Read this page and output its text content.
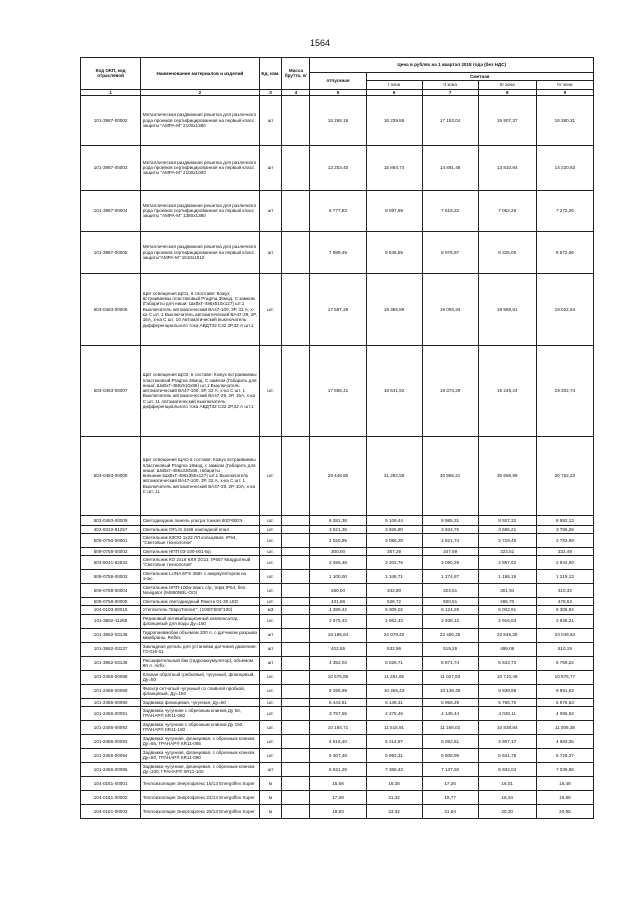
1564
Код ОКП, код отраслевой	Наименование материалов и изделий	Ед. изм.	Масса брутто, кг	Цена в рублях на 1 квартал 2018 года (без НДС)				
				отпускная	Сметная			
					I зона	II зона	III зона	IV зона
1	2	3	4	5	6	7	8	9
101-3987-00002	Металлическая раздвижная решетка для различного рода проемов сертифицированная на первый класс защиты "АМРА-М" 2100х1380	шт		15 268,19	16 239,55	17 153,04	15 907,37	16 380,31
101-3987-00003	Металлическая раздвижная решетка для различного рода проемов сертифицированная на первый класс защиты "АМРА-М" 2100х1000	шт		13 253,40	15 884,74	14 891,48	13 810,84	14 220,63
101-3987-00004	Металлическая раздвижная решетка для различного рода проемов сертифицированная на первый класс защиты "АМРА-М" 1380х1380	шт		6 777,83	8 097,69	7 615,32	7 062,29	7 272,26
101-3987-00005	Металлическая раздвижная решетка для различного рода проемов сертифицированная на первый класс защиты"АМРА-М" 1510х1510	шт		7 989,49	9 545,59	8 976,97	8 325,05	8 572,56
503-0463-00006	Щит освещения ЩО1, в сполтаве: Кожух встраиваемы пластиковый Pragma 36мод. С замком (Габариты для ниши: ШхВхГ-486х510х127) шт.1 Выключатель автоматический ВА47-100, 3Р, 32 А, х-ка С шт. 1 Выключатель автоматический ВА47-29, 2Р, 16А, х-ка С шт. 10 Автоматический выключатель дифференциального тока АВДТ32 С32 2Р,32 А шт.1	шт.		17 597,29	19 356,89	19 093,34	18 969,81	19 022,64
503-0463-00007	Щит освещения ЩО2, в составе: Кожух встраиваемы пластиковый Pragma 36мод. С замком (Габарить для ниши: ШхВхГ-486х510х86) шт.1 Выключатель автоматический ВА47-100, 3Р, 32 А, х-ка С шт. 1 Выключатель автоматический ВА47-29, 2Р, 16А, х-ка С шт. 11 Автоматический выключатель дифференциального тока АВДТ32 С32 2Р,32 А шт.1	шт.		17 856,41	19 641,92	19 374,29	19 249,24	19 302,74
503-0463-00008	Щит освещения ЩАО в составе: Кожух встраиваемы пластиковый Pragma 18мод. с замком (Габарить для ниши: ШхВхГ-486х330х86, габариты внешние:ШхВхГ-486х350х127) шт.1 Выключатель автоматический ВА47-100, 3Р, 32 А, х-ка С шт. 1 Выключатель автоматический ВА47-29, 2Р, 10А, х-ка С шт. 11	шт.		28 448,80	31 292,59	30 866,21	30 666,99	30 752,23
503-0463-00009	Светодиодная панель ультра тонкая 600*600Э	шт.		8 281,38	9 109,44	8 985,31	8 927,32	8 952,13
402-8310-81257	Светильник OFL/S 2х58 накладной опал	шт.		3 521,36	3 926,80	3 934,76	3 665,21	3 766,28
509-0750-00001	Светильник КЗОО 1х22 ЛЛ кольцевая, IP54, "Световые технологии"	шт.		2 520,95	3 086,28	2 821,74	2 718,49	2 793,99
509-0758-00002	Светильник НПП 03-100-001-Бр	шт.		300,00	367,29	347,69	323,51	332,49
503-8041-82532	Светильник КО 2х18 КЛЛ 2G11, IP657 Квадратный "Световые технологии"	шт.		2 455,48	3 202,76	3 090,29	2 857,62	2 944,60
509-0758-00003	Светильник LUNA EFS 45Вт с аккумулятором на 1час	шт.		1 100,00	1 346,71	1 274,87	1 186,19	1 219,13
509-0758-00004	Светильник НПП-100w овал, с/р, терм IP54, бел. Navigator (94880NBL-OO)	шт.		280,00	342,80	324,51	301,94	310,32
509-0758-00005	Светильник светодиодный Ракета 01-30 LED	шт.		431,86	528,72	500,51	465,70	478,63
104-0103-00018	Утеплитель "ЕвроТоплит", (1000*500*100)	м3		4 386,42	6 309,02	6 124,28	6 002,91	6 306,94
101-3862-11285	Резиновый антивибрационный компенсатор, фланцевый для воды Ду=150	шт.		2 675,43	2 962,43	2 938,12	2 916,53	2 928,21
101-3862-03135	Гидропневмобак объемом 200 л, с датчиком разрыва мембраны. Reflex	шт		18 186,64	24 078,40	23 450,25	22 548,28	23 049,64
101-3862-03137	Закладная деталь для установки датчиков давления. ГЗ-016-01	шт		402,55	532,96	519,26	499,09	510,19
101-3862-03138	Расширительный бак (гидроаккумулятор), объемом 80 л. Airfix	шт		4 352,03	6 026,71	5 871,74	5 643,73	5 769,22
101-2456-00088	Клапан обратный гребковый, чугунный, фланцевый, Ду=50	шт.		10 675,85	11 381,65	11 027,93	10 710,49	10 876,77
101-2456-00089	Фильтр сетчатый чугунный со сливной пробкой, фланцевый, Ду=150	шт.		9 256,89	10 455,43	10 136,49	9 839,88	9 991,63
101-2456-00090	Задвижка фланцевая, чугунная, Ду=50	шт.		5 443,81	6 149,31	5 956,29	5 786,70	5 876,53
101-2456-00091	Задвижка чугунная с обрезным клином Ду 50, ГРАНАР® КR11-050	шт.		3 757,55	4 275,46	4 145,44	4 026,11	4 086,52
101-2456-00092	Задвижка чугунная с обрезным клином Ду 150, ГРАНАР® КR11-150	шт.		10 184,71	11 515,91	11 168,02	10 838,84	11 006,38
101-2456-00093	Задвижка чугунная, фланцевая, с обрезным клином Ду=65, ГРАНАР® КR11-065	шт.		4 616,40	5 214,87	5 052,61	4 907,17	4 983,35
101-2456-00094	Задвижка чугунная, фланцевая, с обрезным клином Ду=80, ГРАНАР® КR11-080	шт.		5 307,48	5 993,31	5 808,99	5 641,78	5 729,37
101-2456-00095	Задвижка чугунная, фланцевая, с обрезным клином Ду=100, ГРАНАР® КR11-100	шт		6 521,29	7 366,43	7 137,50	6 932,04	7 039,66
104-0161-00001	Теплоизоляция Энергофлекс 15/13 Energoflex Super	м		15,68	18,35	17,26	16,01	16,48
104-0161-00002	Теплоизоляция Энергофлекс 22/13 Energoflex Super	м		17,08	21,32	19,77	18,34	18,88
104-0161-00003	Теплоизоляция Энергофлекс 25/13 Energoflex Super	м		18,93	23,32	21,84	20,30	20,95
